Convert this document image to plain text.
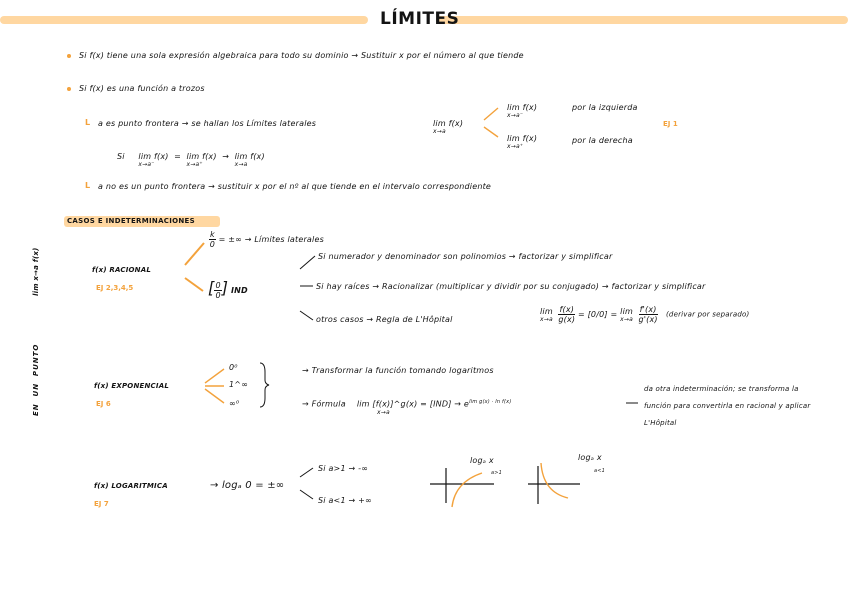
LÍMITES
lim x→a f(x)
EN  UN  PUNTO
Si f(x) tiene una sola expresión algebraica para todo su dominio → Sustituir x por el número al que tiende
Si f(x) es una función a trozos
L a es punto frontera → se hallan los Límites laterales	lim f(x)
x→a
lim f(x)
x→a⁻
por la izquierda
lim f(x)
x→a⁺
por la derecha
EJ 1
Si lim f(x)
x→a⁻
= lim f(x)
x→a⁺
→ lim f(x)
x→a
L a no es un punto frontera → sustituir x por el nº al que tiende en el intervalo correspondiente
CASOS E INDETERMINACIONES
f(x) RACIONAL
EJ 2,3,4,5
$\frac{k}{0}$ = ±∞ → Límites laterales
[ $\frac{0}{0}$ ] IND
Si numerador y denominador son polinomios → factorizar y simplificar
Si hay raíces → Racionalizar (multiplicar y dividir por su conjugado) → factorizar y simplificar
otros casos → Regla de L'Hôpital
lim
x→a
$\frac{f(x)}{g(x)} = [0/0] = \lim$
x→a
$\frac{f'(x)}{g'(x)}$ (derivar por separado)
f(x) EXPONENCIAL
EJ 6
0⁰
1^∞
∞⁰
→ Transformar la función tomando logaritmos
→ Fórmula lim [f(x)]^g(x) = $[IND] \to e^{lim g(x) \cdot ln f(x)}$
x→a
da otra indeterminación; se transforma la función para convertirla en racional y aplicar L'Hôpital
f(x) LOGARITMICA
EJ 7
→ logₐ 0 = ±∞
Si a>1 → -∞
Si a<1 → +∞
logₐ x
a>1
logₐ x
a<1
